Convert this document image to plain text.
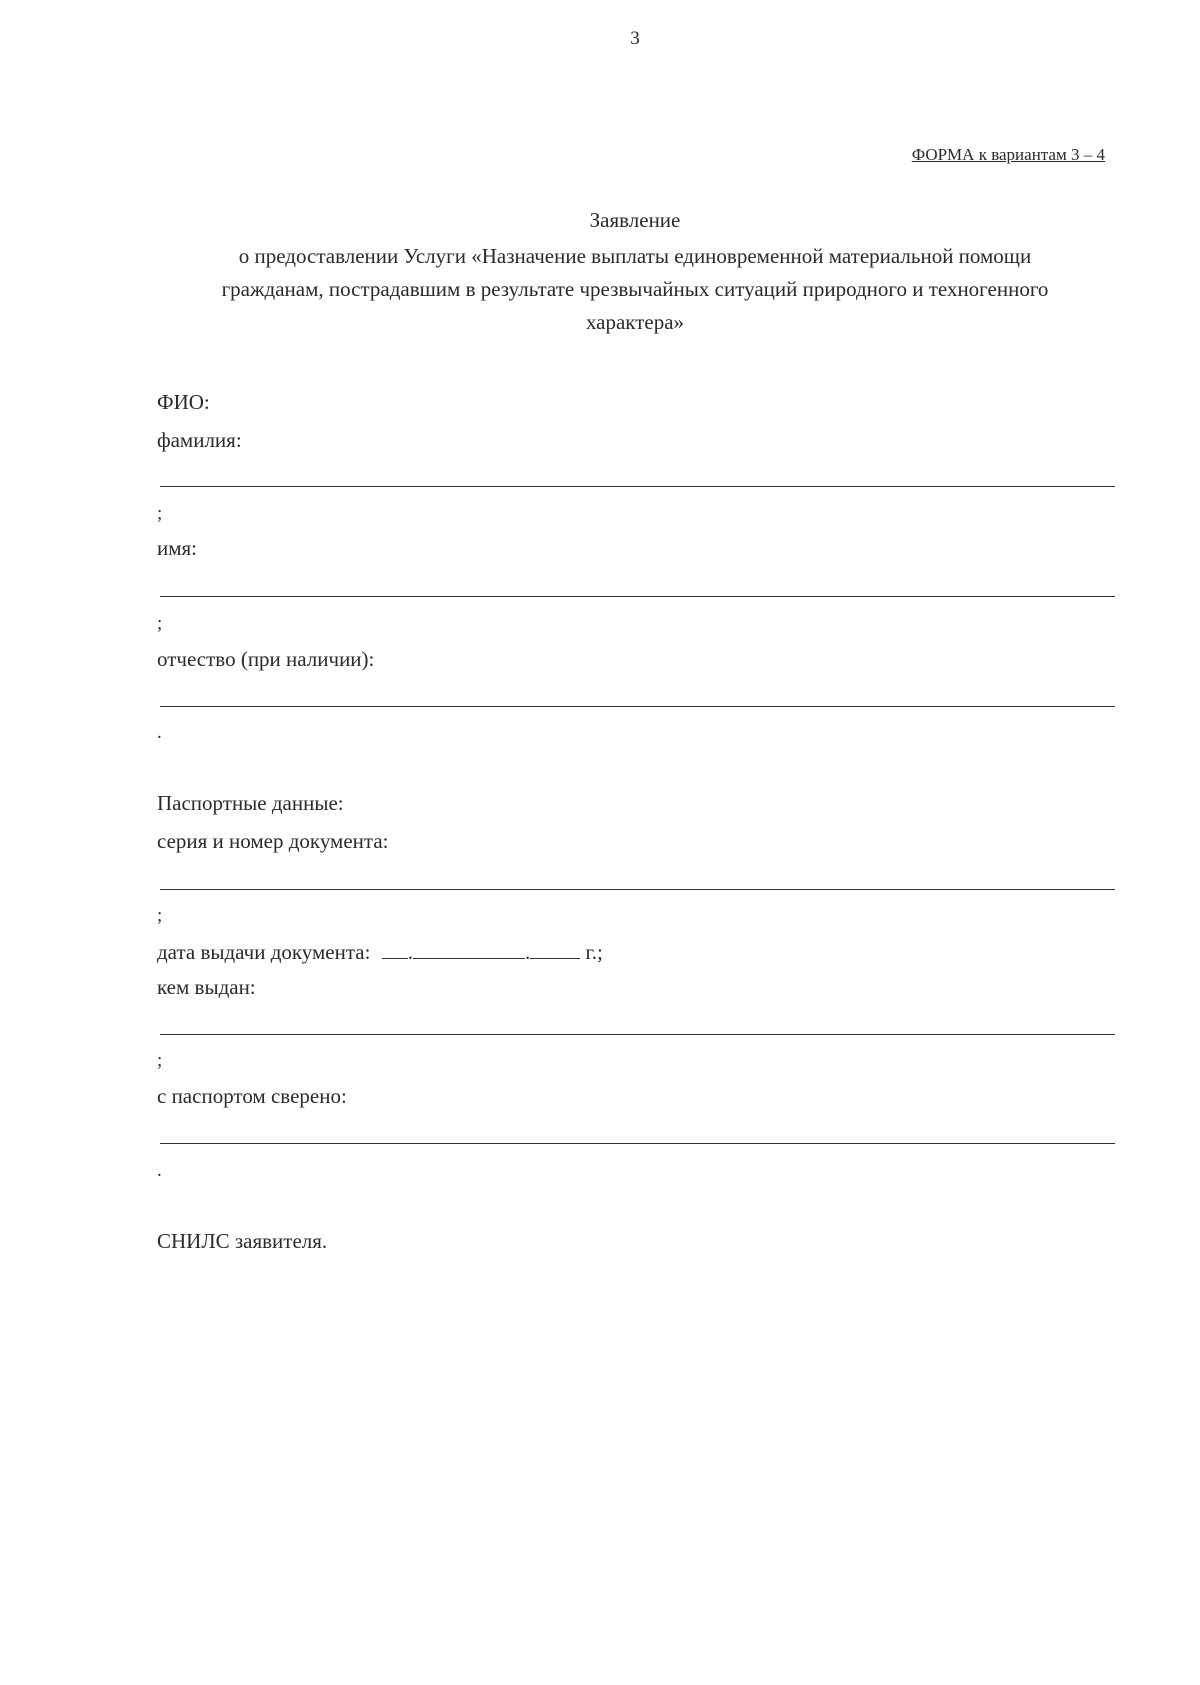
3
ФОРМА к вариантам 3 – 4
Заявление
о предоставлении Услуги «Назначение выплаты единовременной материальной помощи
гражданам, пострадавшим в результате чрезвычайных ситуаций природного и техногенного
характера»
ФИО:
фамилия:
;
имя:
;
отчество (при наличии):
.
Паспортные данные:
серия и номер документа:
;
дата выдачи документа: .	.	г.;
кем выдан:
;
с паспортом сверено:
.
СНИЛС заявителя.
